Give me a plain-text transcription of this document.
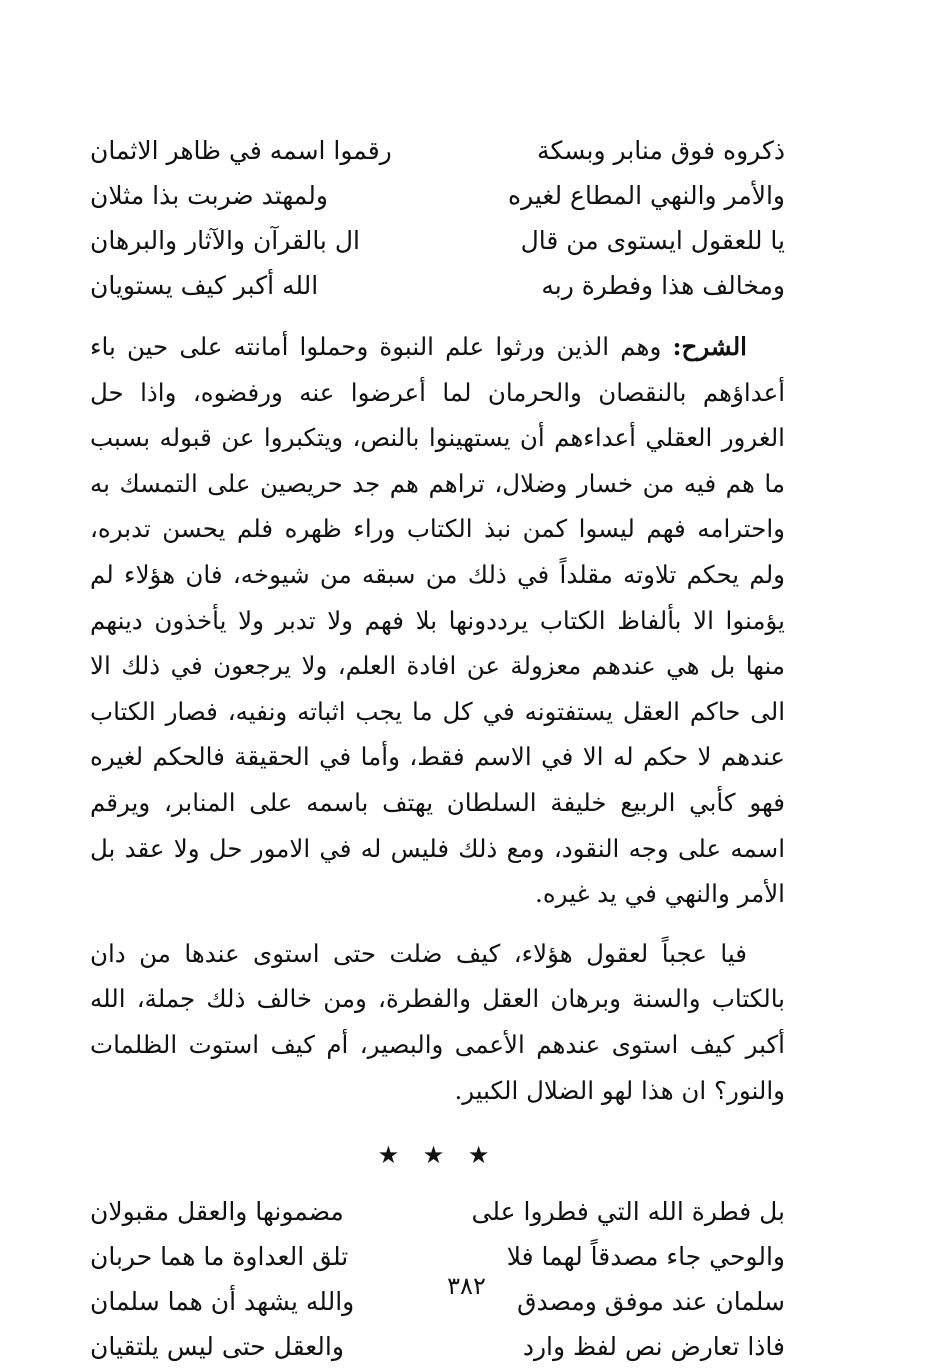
ذكروه فوق منابر وبسكة
رقموا اسمه في ظاهر الاثمان
والأمر والنهي المطاع لغيره
ولمهتد ضربت بذا مثلان
يا للعقول ايستوى من قال
ال بالقرآن والآثار والبرهان
ومخالف هذا وفطرة ربه
الله أكبر كيف يستويان

الشرح: وهم الذين ورثوا علم النبوة وحملوا أمانته على حين باء أعداؤهم بالنقصان والحرمان لما أعرضوا عنه ورفضوه، واذا حل الغرور العقلي أعداءهم أن يستهينوا بالنص، ويتكبروا عن قبوله بسبب ما هم فيه من خسار وضلال، تراهم هم جد حريصين على التمسك به واحترامه فهم ليسوا كمن نبذ الكتاب وراء ظهره فلم يحسن تدبره، ولم يحكم تلاوته مقلداً في ذلك من سبقه من شيوخه، فان هؤلاء لم يؤمنوا الا بألفاظ الكتاب يرددونها بلا فهم ولا تدبر ولا يأخذون دينهم منها بل هي عندهم معزولة عن افادة العلم، ولا يرجعون في ذلك الا الى حاكم العقل يستفتونه في كل ما يجب اثباته ونفيه، فصار الكتاب عندهم لا حكم له الا في الاسم فقط، وأما في الحقيقة فالحكم لغيره فهو كأبي الربيع خليفة السلطان يهتف باسمه على المنابر، ويرقم اسمه على وجه النقود، ومع ذلك فليس له في الامور حل ولا عقد بل الأمر والنهي في يد غيره.

فيا عجباً لعقول هؤلاء، كيف ضلت حتى استوى عندها من دان بالكتاب والسنة وبرهان العقل والفطرة، ومن خالف ذلك جملة، الله أكبر كيف استوى عندهم الأعمى والبصير، أم كيف استوت الظلمات والنور؟ ان هذا لهو الضلال الكبير.

★ ★ ★
بل فطرة الله التي فطروا على
مضمونها والعقل مقبولان
والوحي جاء مصدقاً لهما فلا
تلق العداوة ما هما حربان
سلمان عند موفق ومصدق
والله يشهد أن هما سلمان
فاذا تعارض نص لفظ وارد
والعقل حتى ليس يلتقيان
٣٨٢
